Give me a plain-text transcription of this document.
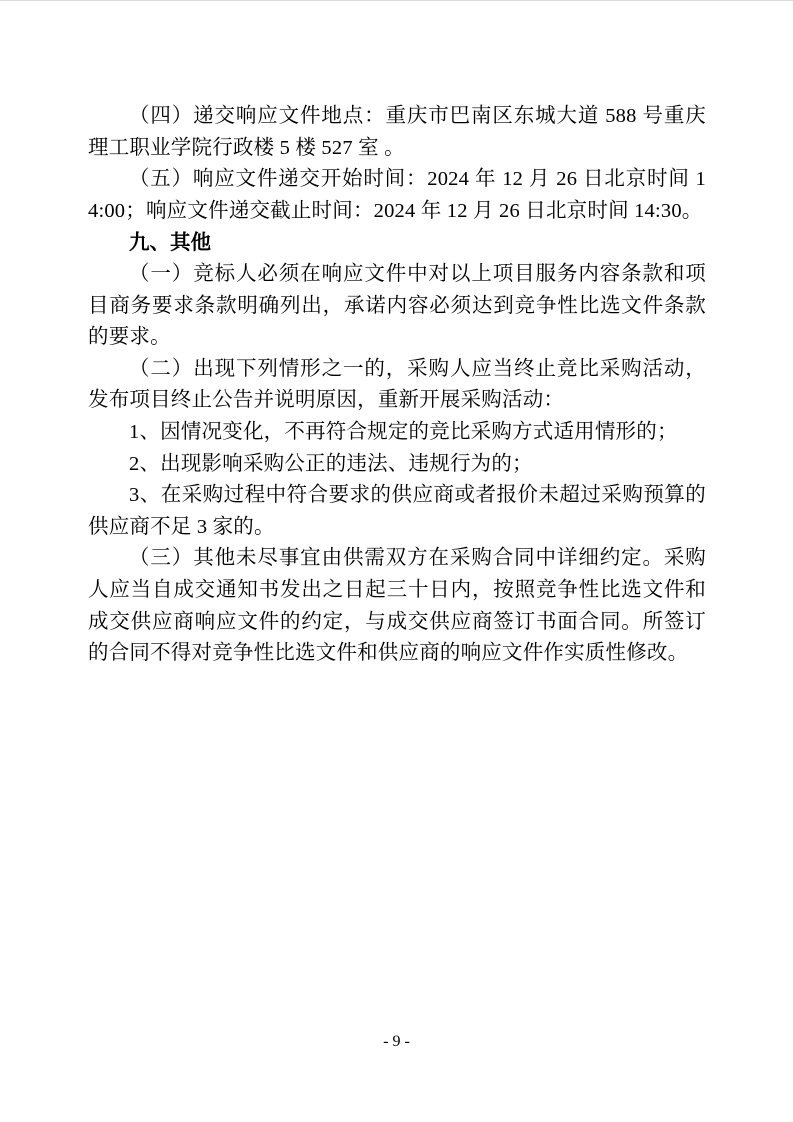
（四）递交响应文件地点：重庆市巴南区东城大道 588 号重庆理工职业学院行政楼 5 楼 527 室 。

（五）响应文件递交开始时间：2024 年 12 月 26 日北京时间 14:00；响应文件递交截止时间：2024 年 12 月 26 日北京时间 14:30。

九、其他

（一）竞标人必须在响应文件中对以上项目服务内容条款和项目商务要求条款明确列出，承诺内容必须达到竞争性比选文件条款的要求。

（二）出现下列情形之一的，采购人应当终止竞比采购活动，发布项目终止公告并说明原因，重新开展采购活动：

1、因情况变化，不再符合规定的竞比采购方式适用情形的；

2、出现影响采购公正的违法、违规行为的；

3、在采购过程中符合要求的供应商或者报价未超过采购预算的供应商不足 3 家的。

（三）其他未尽事宜由供需双方在采购合同中详细约定。采购人应当自成交通知书发出之日起三十日内，按照竞争性比选文件和成交供应商响应文件的约定，与成交供应商签订书面合同。所签订的合同不得对竞争性比选文件和供应商的响应文件作实质性修改。

- 9 -
